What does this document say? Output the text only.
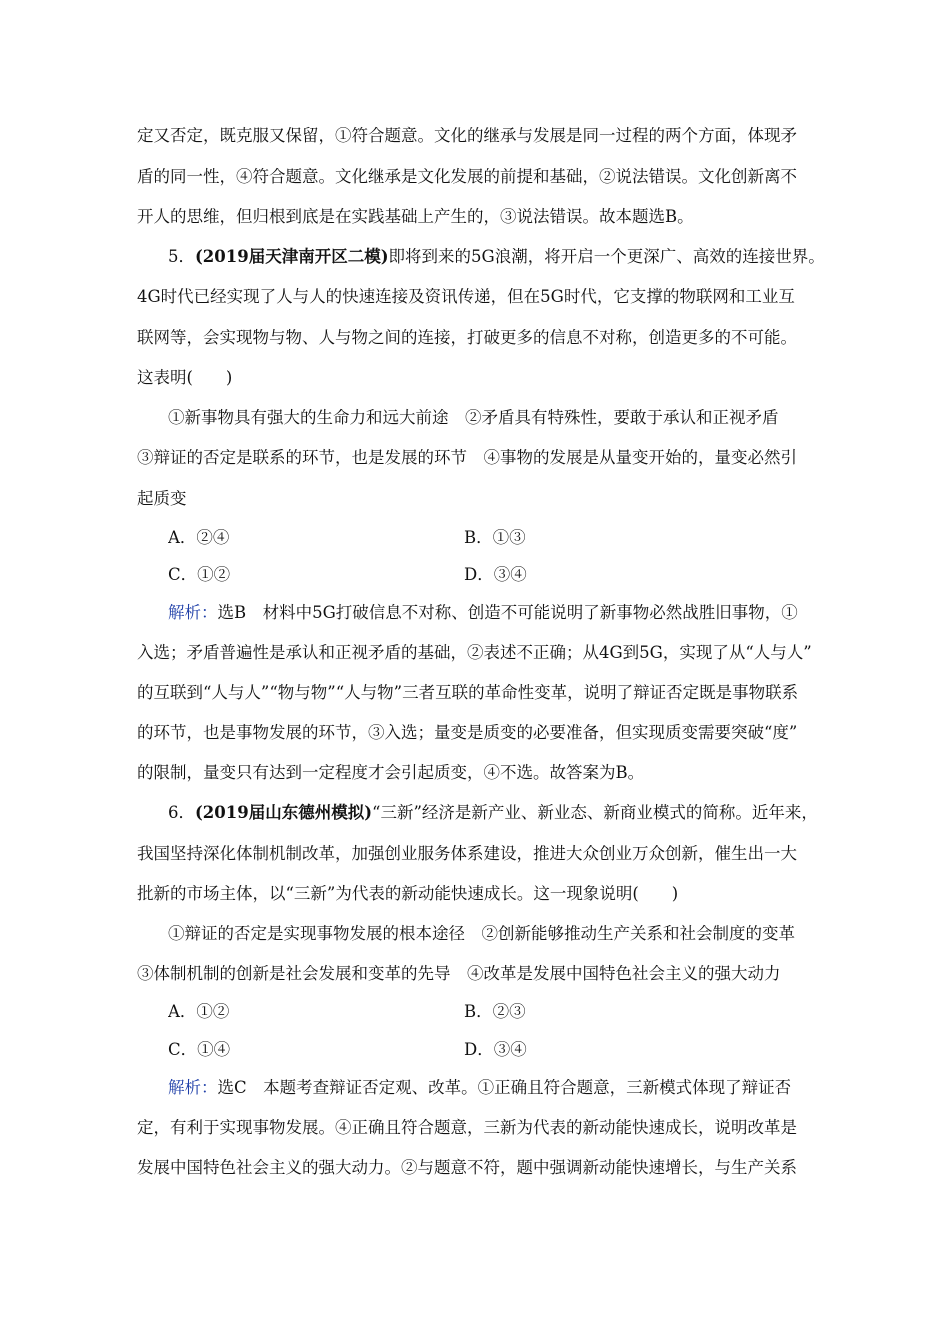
定又否定，既克服又保留，①符合题意。文化的继承与发展是同一过程的两个方面，体现矛
盾的同一性，④符合题意。文化继承是文化发展的前提和基础，②说法错误。文化创新离不
开人的思维，但归根到底是在实践基础上产生的，③说法错误。故本题选B。
5．(2019届天津南开区二模)即将到来的5G浪潮，将开启一个更深广、高效的连接世界。
4G时代已经实现了人与人的快速连接及资讯传递，但在5G时代，它支撑的物联网和工业互
联网等，会实现物与物、人与物之间的连接，打破更多的信息不对称，创造更多的不可能。
这表明(　　)
①新事物具有强大的生命力和远大前途　②矛盾具有特殊性，要敢于承认和正视矛盾
③辩证的否定是联系的环节，也是发展的环节　④事物的发展是从量变开始的，量变必然引
起质变
A．②④	B．①③
C．①②	D．③④
解析：选B　材料中5G打破信息不对称、创造不可能说明了新事物必然战胜旧事物，①
入选；矛盾普遍性是承认和正视矛盾的基础，②表述不正确；从4G到5G，实现了从“人与人”
的互联到“人与人”“物与物”“人与物”三者互联的革命性变革，说明了辩证否定既是事物联系
的环节，也是事物发展的环节，③入选；量变是质变的必要准备，但实现质变需要突破“度”
的限制，量变只有达到一定程度才会引起质变，④不选。故答案为B。
6．(2019届山东德州模拟)“三新”经济是新产业、新业态、新商业模式的简称。近年来，
我国坚持深化体制机制改革，加强创业服务体系建设，推进大众创业万众创新，催生出一大
批新的市场主体，以“三新”为代表的新动能快速成长。这一现象说明(　　)
①辩证的否定是实现事物发展的根本途径　②创新能够推动生产关系和社会制度的变革
③体制机制的创新是社会发展和变革的先导　④改革是发展中国特色社会主义的强大动力
A．①②	B．②③
C．①④	D．③④
解析：选C　本题考查辩证否定观、改革。①正确且符合题意，三新模式体现了辩证否
定，有利于实现事物发展。④正确且符合题意，三新为代表的新动能快速成长，说明改革是
发展中国特色社会主义的强大动力。②与题意不符，题中强调新动能快速增长，与生产关系
